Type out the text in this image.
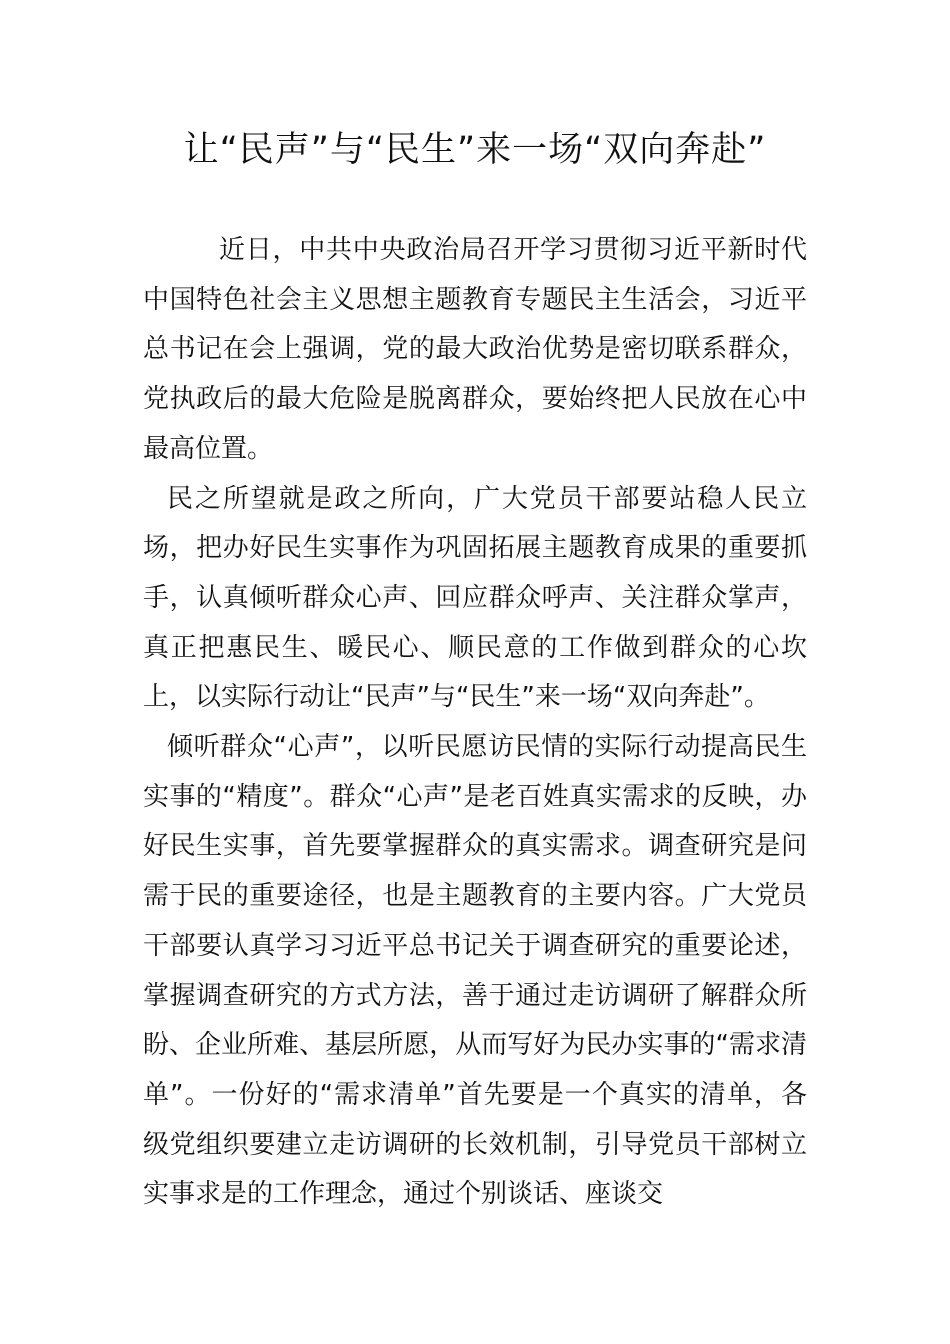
让“民声”与“民生”来一场“双向奔赴”

近日，中共中央政治局召开学习贯彻习近平新时代中国特色社会主义思想主题教育专题民主生活会，习近平总书记在会上强调，党的最大政治优势是密切联系群众，党执政后的最大危险是脱离群众，要始终把人民放在心中最高位置。

民之所望就是政之所向，广大党员干部要站稳人民立场，把办好民生实事作为巩固拓展主题教育成果的重要抓手，认真倾听群众心声、回应群众呼声、关注群众掌声，真正把惠民生、暖民心、顺民意的工作做到群众的心坎上，以实际行动让“民声”与“民生”来一场“双向奔赴”。

倾听群众“心声”，以听民愿访民情的实际行动提高民生实事的“精度”。群众“心声”是老百姓真实需求的反映，办好民生实事，首先要掌握群众的真实需求。调查研究是问需于民的重要途径，也是主题教育的主要内容。广大党员干部要认真学习习近平总书记关于调查研究的重要论述，掌握调查研究的方式方法，善于通过走访调研了解群众所盼、企业所难、基层所愿，从而写好为民办实事的“需求清单”。一份好的“需求清单”首先要是一个真实的清单，各级党组织要建立走访调研的长效机制，引导党员干部树立实事求是的工作理念，通过个别谈话、座谈交
